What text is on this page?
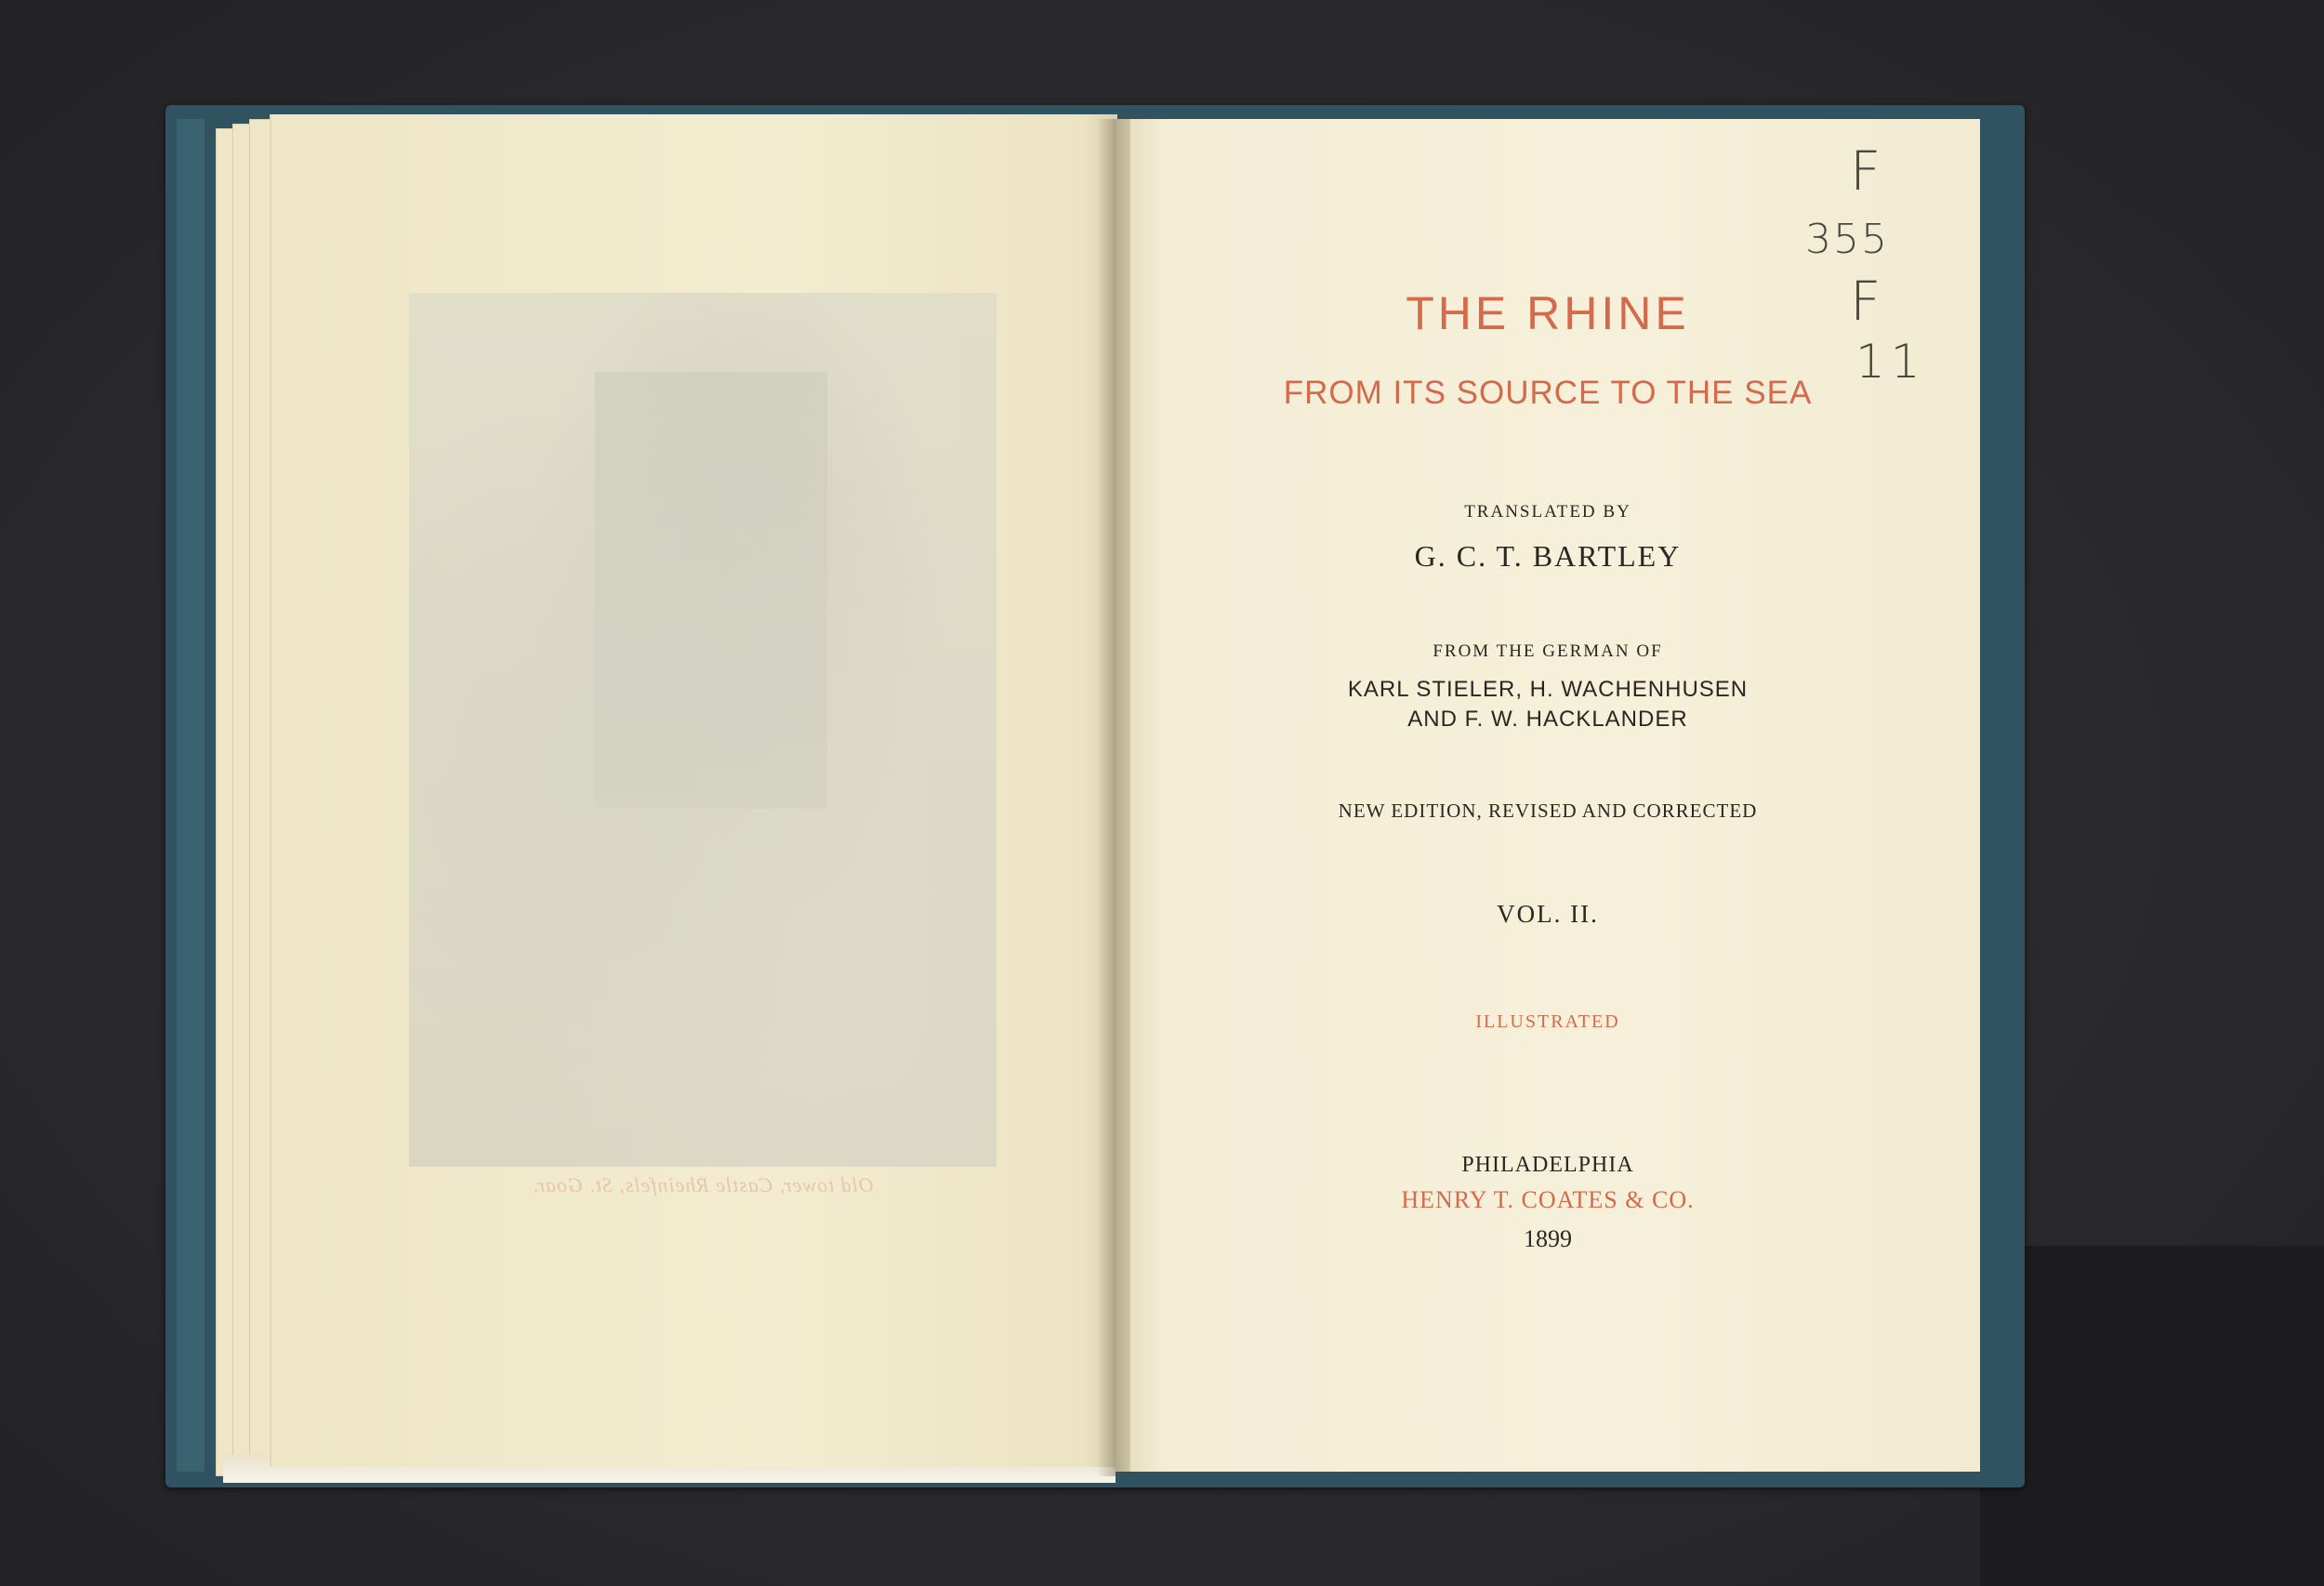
Old tower, Castle Rheinfels, St. Goar.
THE RHINE
FROM ITS SOURCE TO THE SEA
TRANSLATED BY
G. C. T. BARTLEY
FROM THE GERMAN OF
KARL STIELER, H. WACHENHUSEN
AND F. W. HACKLANDER
NEW EDITION, REVISED AND CORRECTED
VOL. II.
ILLUSTRATED
PHILADELPHIA
HENRY T. COATES & CO.
1899
F
355
F
11
